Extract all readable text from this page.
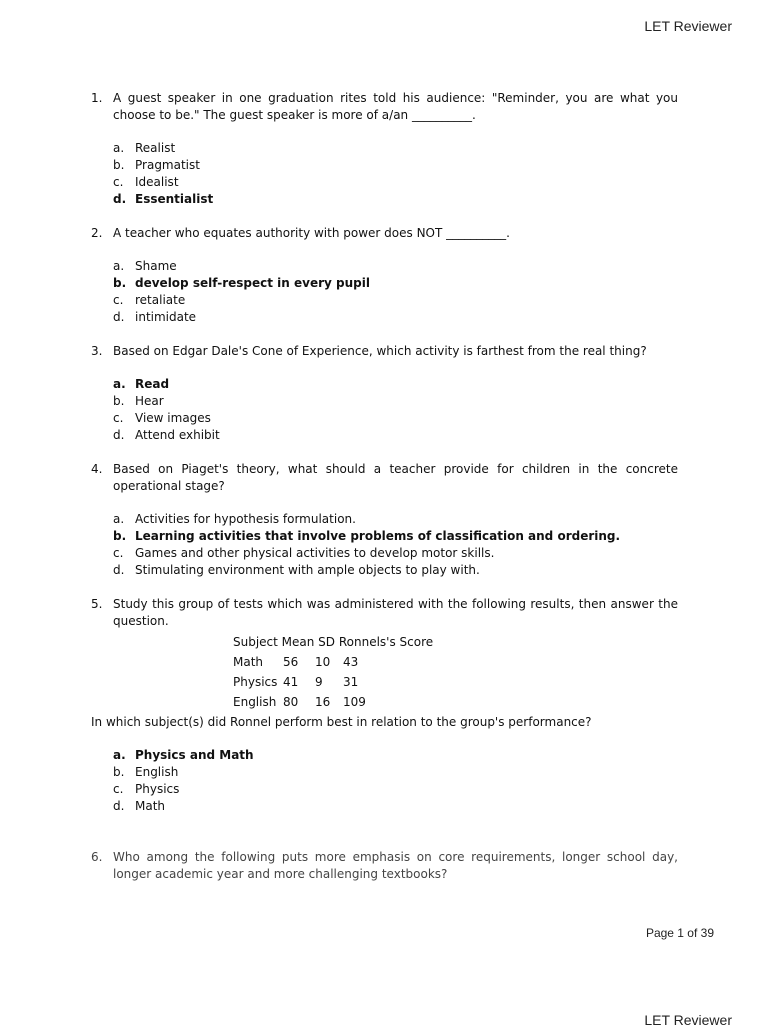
LET Reviewer
1. A guest speaker in one graduation rites told his audience: "Reminder, you are what you choose to be." The guest speaker is more of a/an __________.
a. Realist
b. Pragmatist
c. Idealist
d. Essentialist
2. A teacher who equates authority with power does NOT __________.
a. Shame
b. develop self-respect in every pupil
c. retaliate
d. intimidate
3. Based on Edgar Dale's Cone of Experience, which activity is farthest from the real thing?
a. Read
b. Hear
c. View images
d. Attend exhibit
4. Based on Piaget's theory, what should a teacher provide for children in the concrete operational stage?
a. Activities for hypothesis formulation.
b. Learning activities that involve problems of classification and ordering.
c. Games and other physical activities to develop motor skills.
d. Stimulating environment with ample objects to play with.
5. Study this group of tests which was administered with the following results, then answer the question.
Subject Mean SD Ronnels's Score
Math	56	10	43
Physics 41	9	31
English 80	16	109
In which subject(s) did Ronnel perform best in relation to the group's performance?
a. Physics and Math
b. English
c. Physics
d. Math
6. Who among the following puts more emphasis on core requirements, longer school day, longer academic year and more challenging textbooks?
Page 1 of 39
LET Reviewer
